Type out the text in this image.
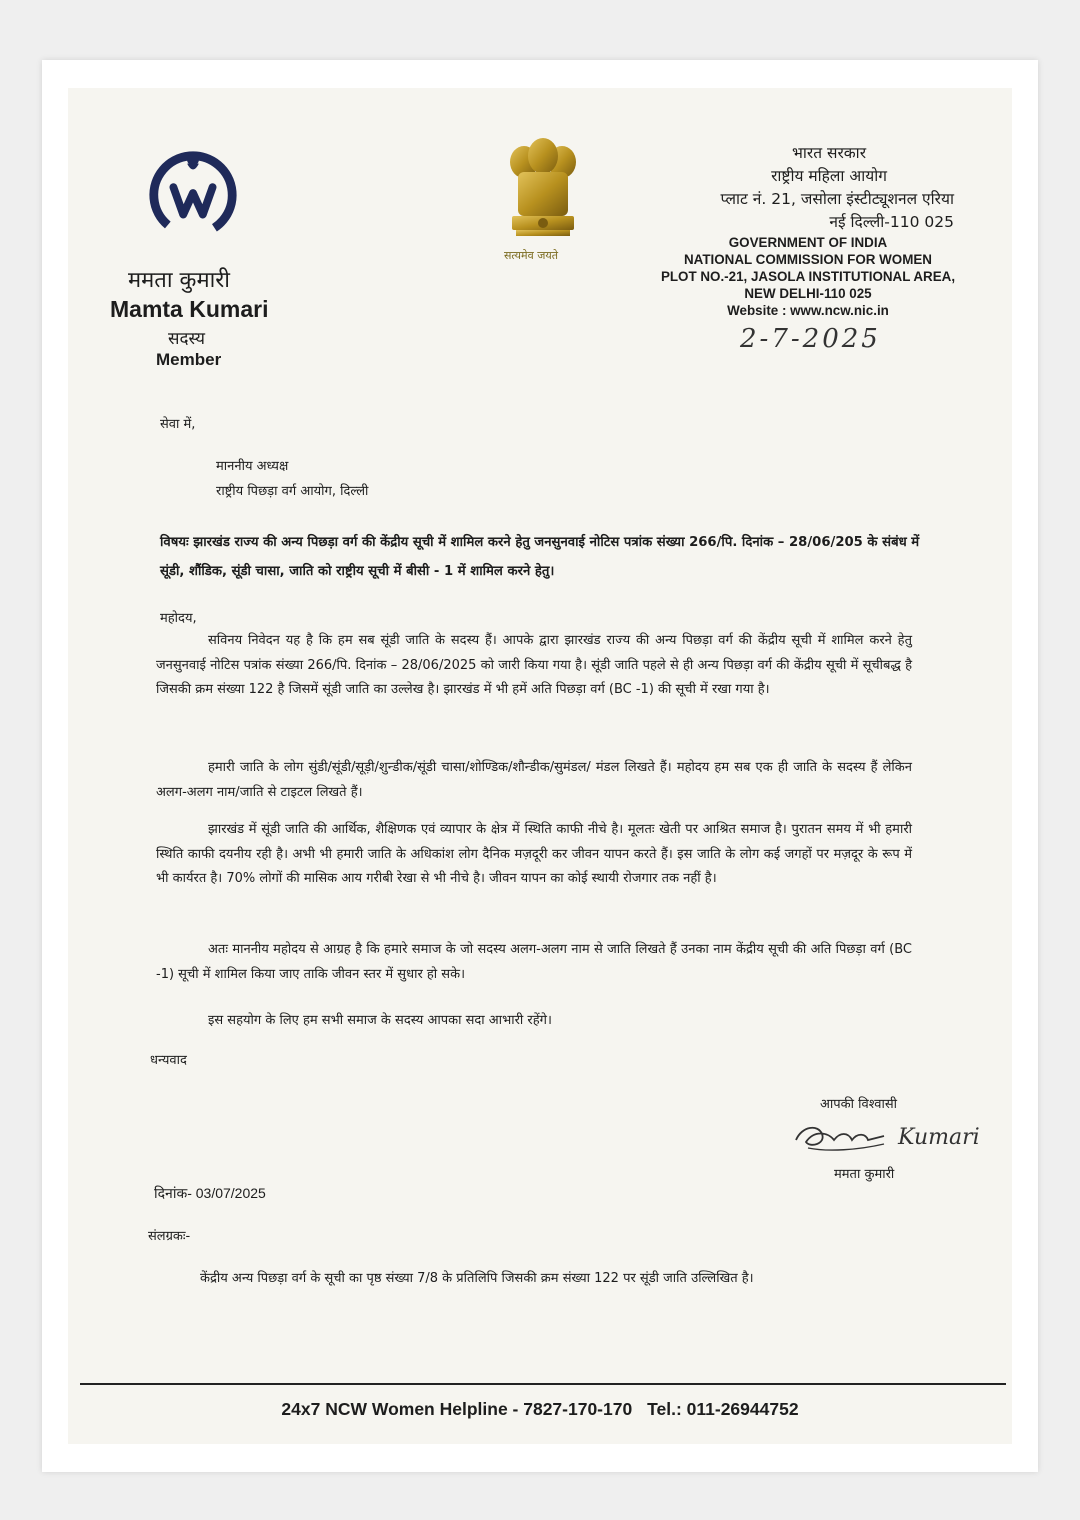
ममता कुमारी
Mamta Kumari
सदस्य
Member
सत्यमेव जयते
भारत सरकार
राष्ट्रीय महिला आयोग
प्लाट नं. 21, जसोला इंस्टीट्यूशनल एरिया
नई दिल्ली-110 025
GOVERNMENT OF INDIA
NATIONAL COMMISSION FOR WOMEN
PLOT NO.-21, JASOLA INSTITUTIONAL AREA,
NEW DELHI-110 025
Website : www.ncw.nic.in
2-7-2025
सेवा में,
माननीय अध्यक्ष
राष्ट्रीय पिछड़ा वर्ग आयोग, दिल्ली
विषयः झारखंड राज्य की अन्य पिछड़ा वर्ग की केंद्रीय सूची में शामिल करने हेतु जनसुनवाई नोटिस पत्रांक संख्या 266/पि. दिनांक – 28/06/205 के संबंध में सूंडी, शौंडिक, सूंडी चासा, जाति को राष्ट्रीय सूची में बीसी - 1 में शामिल करने हेतु।
महोदय,
सविनय निवेदन यह है कि हम सब सूंडी जाति के सदस्य हैं। आपके द्वारा झारखंड राज्य की अन्य पिछड़ा वर्ग की केंद्रीय सूची में शामिल करने हेतु जनसुनवाई नोटिस पत्रांक संख्या 266/पि. दिनांक – 28/06/2025 को जारी किया गया है। सूंडी जाति पहले से ही अन्य पिछड़ा वर्ग की केंद्रीय सूची में सूचीबद्ध है जिसकी क्रम संख्या 122 है जिसमें सूंडी जाति का उल्लेख है। झारखंड में भी हमें अति पिछड़ा वर्ग (BC -1) की सूची में रखा गया है।
हमारी जाति के लोग सुंडी/सूंडी/सूड़ी/शुन्डीक/सूंडी चासा/शोण्डिक/शौन्डीक/सुमंडल/ मंडल लिखते हैं। महोदय हम सब एक ही जाति के सदस्य हैं लेकिन अलग-अलग नाम/जाति से टाइटल लिखते हैं।
झारखंड में सूंडी जाति की आर्थिक, शैक्षिणक एवं व्यापार के क्षेत्र में स्थिति काफी नीचे है। मूलतः खेती पर आश्रित समाज है। पुरातन समय में भी हमारी स्थिति काफी दयनीय रही है। अभी भी हमारी जाति के अधिकांश लोग दैनिक मज़दूरी कर जीवन यापन करते हैं। इस जाति के लोग कई जगहों पर मज़दूर के रूप में भी कार्यरत है। 70% लोगों की मासिक आय गरीबी रेखा से भी नीचे है। जीवन यापन का कोई स्थायी रोजगार तक नहीं है।
अतः माननीय महोदय से आग्रह है कि हमारे समाज के जो सदस्य अलग-अलग नाम से जाति लिखते हैं उनका नाम केंद्रीय सूची की अति पिछड़ा वर्ग (BC -1) सूची में शामिल किया जाए ताकि जीवन स्तर में सुधार हो सके।
इस सहयोग के लिए हम सभी समाज के सदस्य आपका सदा आभारी रहेंगे।
धन्यवाद
आपकी विश्वासी
Kumari
ममता कुमारी
दिनांक- 03/07/2025
संलग्रकः-
केंद्रीय अन्य पिछड़ा वर्ग के सूची का पृष्ठ संख्या 7/8 के प्रतिलिपि जिसकी क्रम संख्या 122 पर सूंडी जाति उल्लिखित है।
24x7 NCW Women Helpline - 7827-170-170 Tel.: 011-26944752
